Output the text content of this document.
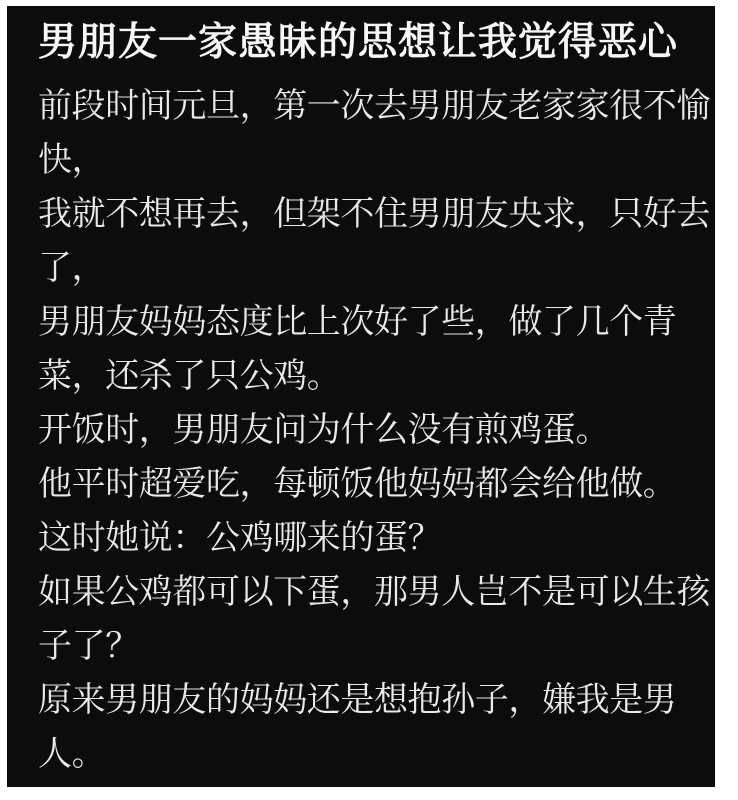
男朋友一家愚昧的思想让我觉得恶心
前段时间元旦，第一次去男朋友老家家很不愉
快，
我就不想再去，但架不住男朋友央求，只好去
了，
男朋友妈妈态度比上次好了些，做了几个青
菜，还杀了只公鸡。
开饭时，男朋友问为什么没有煎鸡蛋。
他平时超爱吃，每顿饭他妈妈都会给他做。
这时她说：公鸡哪来的蛋？
如果公鸡都可以下蛋，那男人岂不是可以生孩
子了？
原来男朋友的妈妈还是想抱孙子，嫌我是男
人。
